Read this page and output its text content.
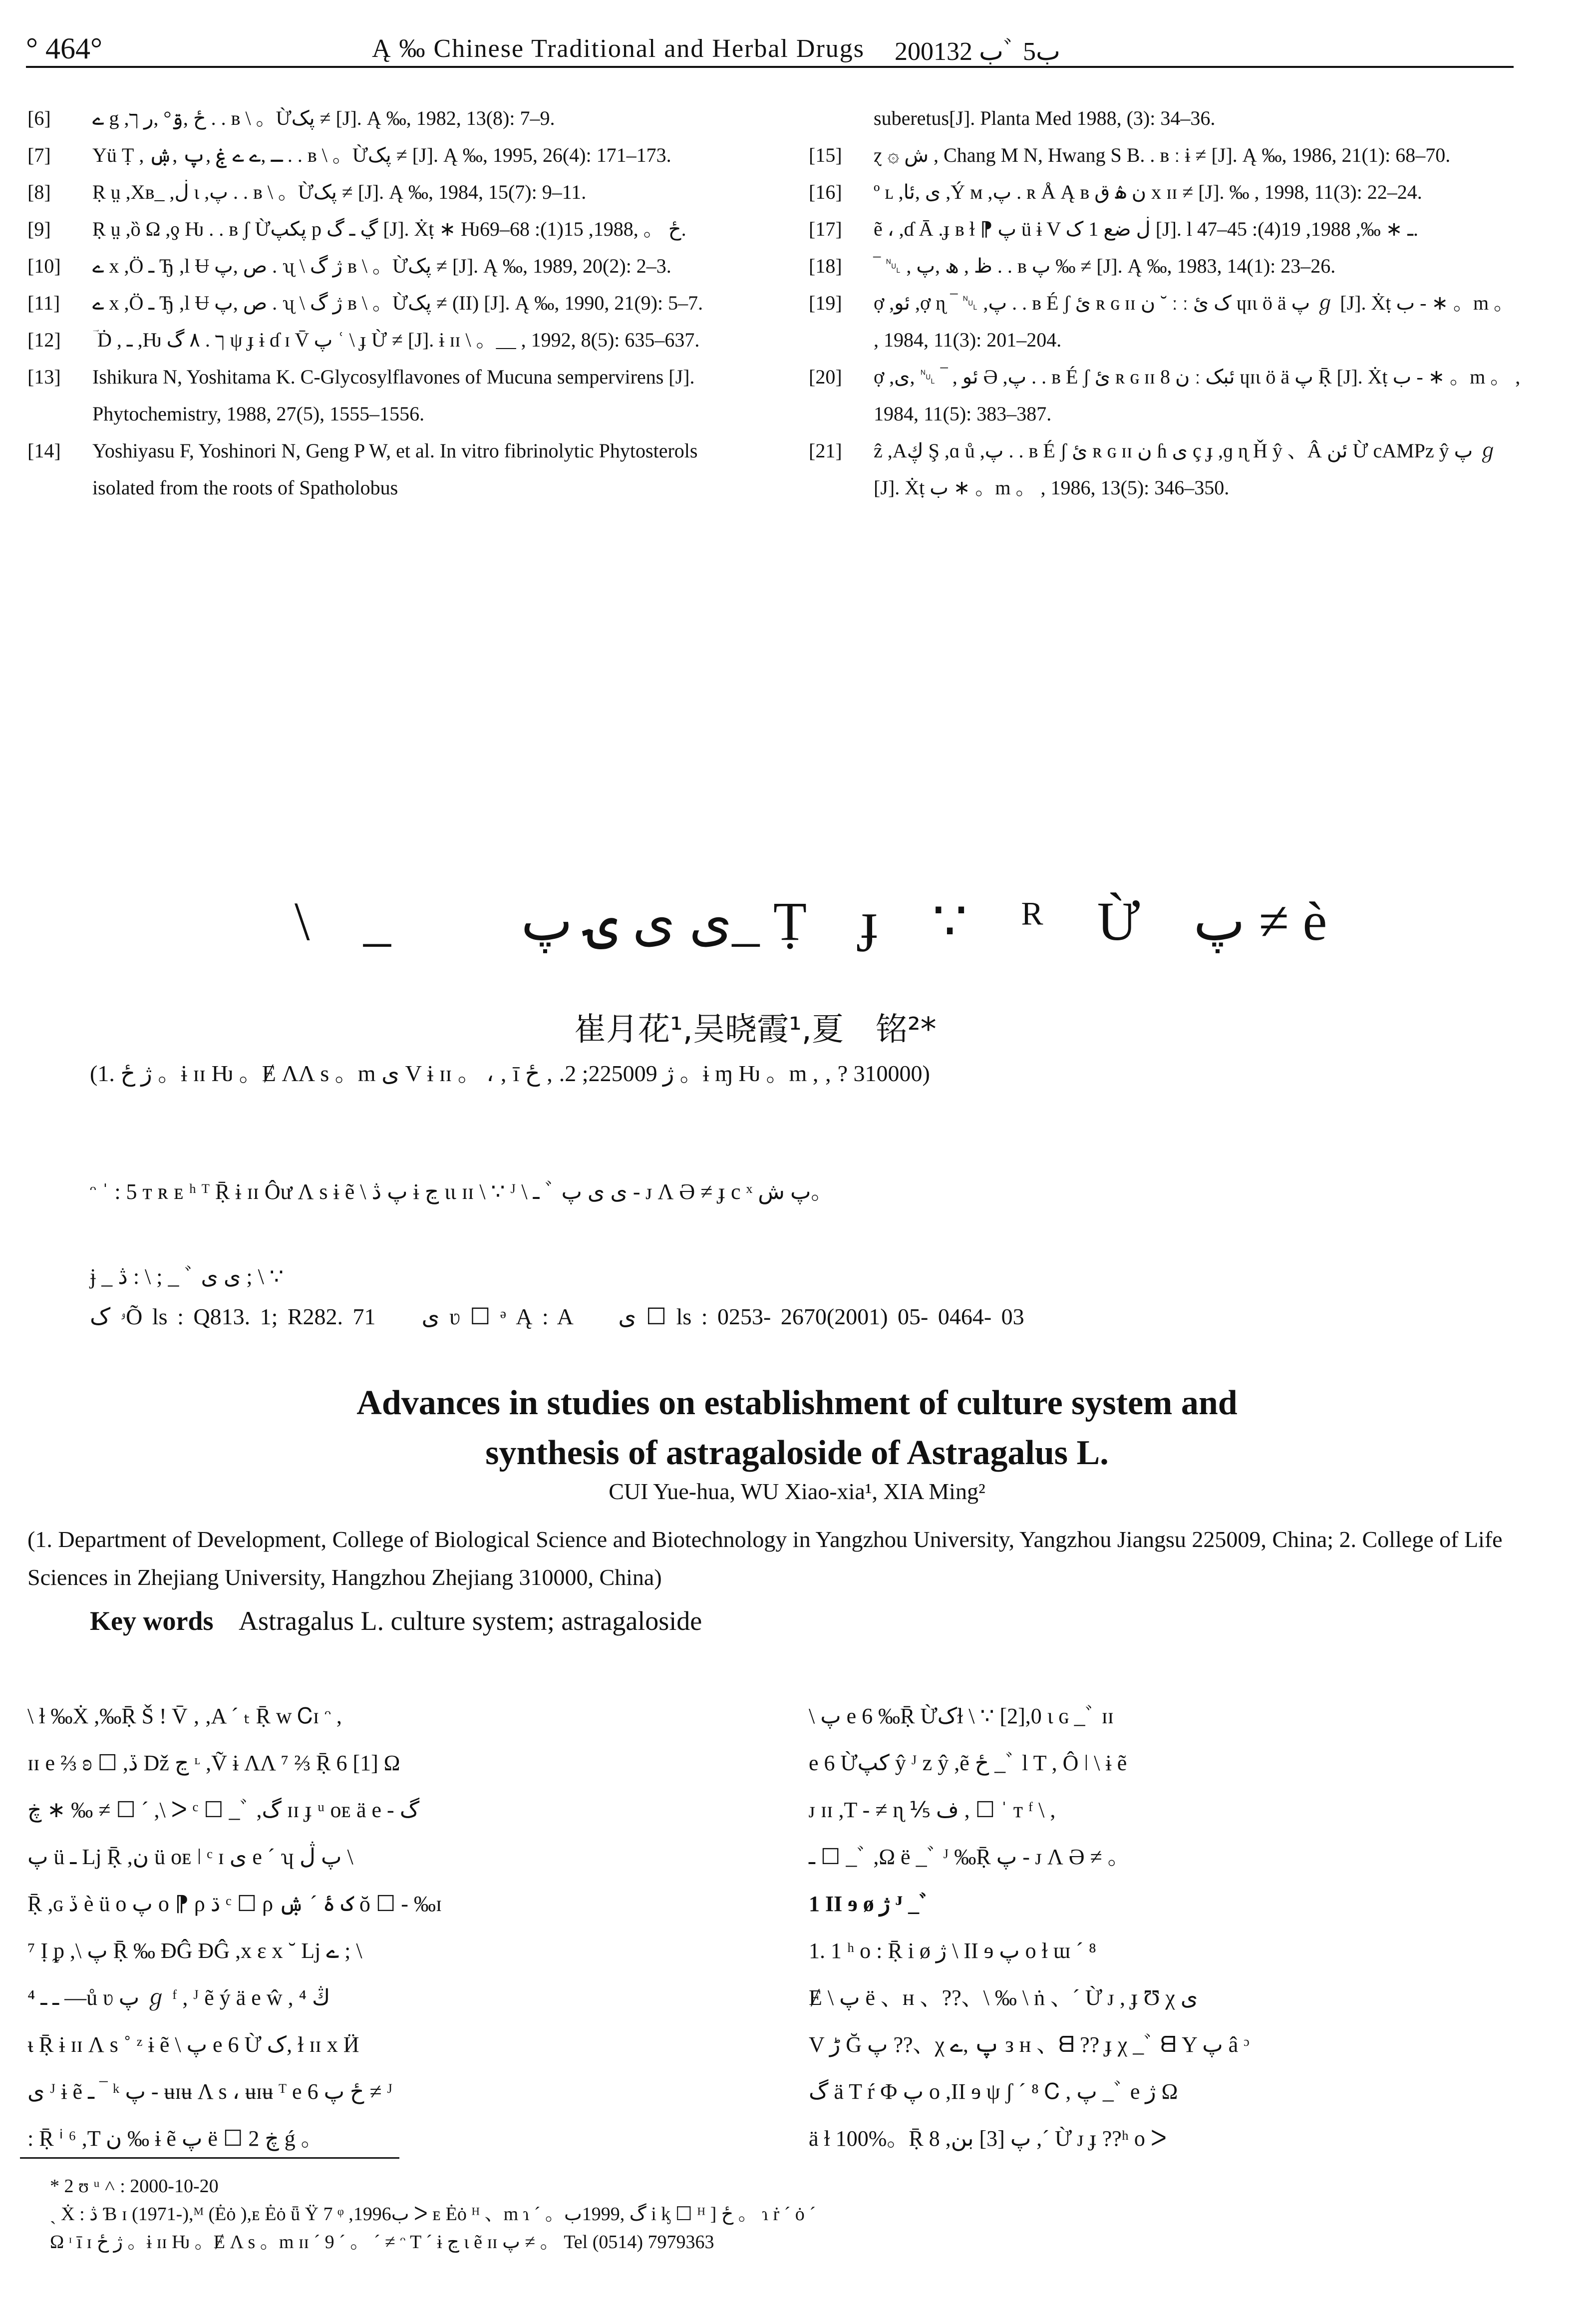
° 464°	Ą ‰ Chinese Traditional and Herbal Drugs 2001ب 32ﾞ 5ب
[6]	ے g ,ځ ,ۊ° ,ر ך . . ʙ \ 。Ừپ͏ک ≠ [J]. Ą ‰, 1982, 13(8): 7–9.
[7]	Yü Ṭ , ـ ,ے ے ۼ ,پ ,ۺ . . ʙ \ 。Ừپ͏ک ≠ [J]. Ą ‰, 1995, 26(4): 171–173.
[8]	Ṛ ṳ ,Xʙ_ ,ڶ ι ,پ . . ʙ \ 。Ừپ͏ک ≠ [J]. Ą ‰, 1984, 15(7): 9–11.
[9]	Ṛ ṳ ,ȍ Ω ,ƍ Ƕ . . ʙ ʃ Ừپکپ p ڲ ـ گ [J]. Ẋṭ ∗ Ƕځ 。 ,1988, 15(1): 68–69.
[10]	ے x ,Ö ـ Ђ ,l Ʉ ص ,پ . ʯ \ ژ گ ʙ \ 。Ừپ͏ک ≠ [J]. Ą ‰, 1989, 20(2): 2–3.
[11]	ے x ,Ö ـ Ђ ,l Ʉ ص ,پ . ʯ \ ژ گ ʙ \ 。Ừپ͏ک ≠ (II) [J]. Ą ‰, 1990, 21(9): 5–7.
[12]	ؔ Ḋ , ـ ,Ƕ ך . ۸ گ ψ ɟ ɨ ɗ ɪ V̄ پ ʿ \ ɟ Ừ ≠ [J]. ɨ ɪɪ \ 。__ , 1992, 8(5): 635–637.
[13]	Ishikura N, Yoshitama K. C-Glycosylflavones of Mucuna sempervirens [J]. Phytochemistry, 1988, 27(5), 1555–1556.
[14]	Yoshiyasu F, Yoshinori N, Geng P W, et al. In vitro fibrinolytic Phytosterols isolated from the roots of Spatholobus
suberetus[J]. Planta Med 1988, (3): 34–36.
[15]	ɀ ۞ ش , Chang M N, Hwang S B. . ʙ ː ɨ ≠ [J]. Ą ‰, 1986, 21(1): 68–70.
[16]	º ʟ ,ی ,ئا ,Ý ᴍ ,پ . ʀ Å Ą ʙ ن ۿ ق x ɪɪ ≠ [J]. ‰ , 1998, 11(3): 22–24.
[17]	ẽ ، ,ɗ Ā .ɟ ʙ ɫ ⁋ پ ü ɨ V ڶ ضع 1 ک [J]. l ـ ∗ ‰, 1988, 19(4): 45–47.
[18]	‾ ␀ , ظ , ھ ,پ . . ʙ پ ‰ ≠ [J]. Ą ‰, 1983, 14(1): 23–26.
[19]	ợ ,ئو ,ợ ɳ ‾ ␀ ,پ . . ʙ É ʃ ئ ʀ ɢ ɪɪ ن ˘ ː ː ک ئ ɥɪɩ ö ä پ ℊ [J]. Ẋṭ ب ‑ ∗ 。m 。 , 1984, 11(3): 201–204.
[20]	ợ ,ئو , ‾ ␀ ,ی Ə ,پ . . ʙ É ʃ ئ ʀ ɢ ɪɪ ن 8 ː ئبک ɥɪɩ ö ä پ Ṝ [J]. Ẋṭ ب ‑ ∗ 。m 。 , 1984, 11(5): 383–387.
[21]	ẑ ,Aڮ Ş ,ɑ ů ,پ . . ʙ É ʃ ئ ʀ ɢ ɪɪ ن ɦ ی ç ɟ ,ɡ ɳ Ȟ ŷ 、Â ئن Ừ cAMPz ŷ پ ℊ [J]. Ẋṭ ب ∗ 。m 。 , 1986, 13(5): 346–350.
\ _ ﾞ ی ی ۍ پ_ Ṭ ɟ ∵ ᴿ Ừ پ ≠ è
崔月花¹,吴晓霞¹,夏　铭²*
(1. ژ ځ 。ɨ ɪɪ Ƕ 。Ɇ ɅΛ s 。m ی V ɨ ɪɪ 。 ، ‚ ī ژ 225009; 2. ‚ ځ 。ɨ ɱ Ƕ 。m , ‚ ? 310000)
ᵔ ˈ : 5 ᴛ ʀ ᴇ ʰ ᵀ Ṝ ɨ ɪɪ Ôư Ʌ s ɨ ẽ \ پ ڎ ɨ ڃ ɩɩ ɪɪ \ ∵ ᴶ \ ـ ﾞ ی ی پ ‑ ᴊ Ʌ Ə ≠ ɟ c ˣ پ ش。
ɉ _ ڎ : \ ; _ ﾞ ی ی ; \ ∵
ۥ کÕ ls : Q813. 1; R282. 71　　ی ʋ ☐ ᵊ Ą : A　　ی ☐ ls : 0253- 2670(2001) 05- 0464- 03
Advances in studies on establishment of culture system and
synthesis of astragaloside of Astragalus L.
CUI Yue-hua, WU Xiao-xia¹, XIA Ming²
(1. Department of Development, College of Biological Science and Biotechnology in Yangzhou University, Yangzhou Jiangsu 225009, China; 2. College of Life Sciences in Zhejiang University, Hangzhou Zhejiang 310000, China)
Key words Astragalus L. culture system; astragaloside
\ ɫ ‰Ẋ ,‰Ṝ Š ! V̄ ‚ ,A ˊ ₜ Ṝ w Ꮯɪ ᵔ ,
ɪɪ e ⅔ ʚ ☐ ,ڏ ǅ ڃ ᶫ ,Ṽ ɨ ɅΛ ⁷ ⅔ Ṝ 6 [1] Ω
ڿ ∗ ‰ ≠ ☐ ˊ ,\ ᐳ ᶜ ☐ _ﾞ ,گ ɪɪ ɟ ᵘ ᴏᴇ ä e ‑ گ
پ ü ـ ǈ Ṝ ,ن ü ᴏᴇ ǀ ᶜ ɪ ی e ˊ ʮ پ ڷ \
Ṝ ,ɢ ڏ è ü ᴏ پ ᴏ ⁋ ρ ڌ ᶜ ☐ ρ ک ۀ ˊ ۺ ŏ ☐ - ‰ɪ
⁷ Ị ᵱ ,\ پ Ṝ ‰ ÐĜ ÐĜ ,x ɛ x ˘ ǈ ے ; \
ـ ـ ⁴ —ů ʋ پ ℊ ᶠ , ᴶ ẽ ý ä e ŵ , ⁴ ڭ
ᵼ Ṝ ɨ ɪɪ Ʌ s ˚ ᶻ ɨ ẽ \ پ e 6 Ừ ک, ɫ ɪɪ x Ӥ
ی ᴶ ɨ ẽ ـ ‾ ᵏ پ ‑ ʉɪʉ Λ s ، ʉɪʉ ᵀ e 6 ځ پ ≠ ᴶ
: Ṝ ⁱ ⁶ ,T ن ‰ ɨ ẽ پ ë ☐ ڿ 2 ǵ 。
\ پ e 6 ‰Ṝ Ừکɫ \ ∵ [2],0 ɩ ɢ _ﾞ ɪɪ
e 6 Ừکپ ŷ ᴶ z ŷ ,ẽ ځ _ﾞ l T , Ô ǀ \ ɨ ẽ
ᴊ ɪɪ ,T ‑ ≠ ɳ ⅕ ف , ☐ ˈ ᴛ ᶠ \ ,
ـ ☐ _ﾞ ,Ω ë _ﾞ ᴶ ‰Ṝ پ ‑ ᴊ Ʌ Ə ≠ 。
1 II ɘ ø ژ ᴶ _ﾞ
1. 1 ʰ ᴏ : Ṝ i ø ژ \ II ɘ پ ᴏ ɫ ɯ ˊ ⁸
Ɇ \ پ ë 、ʜ 、??、\ ‰ \ ṅ 、ˊ Ừ ᴊ , ɟ Ʊ χ ی
V ڑ Ğ پ ??、χ پ ,ے ᴈ ʜ 、ᗺ ?? ɟ χ _ﾞ ᗺ Y پ â ᵓ
گ ä T ŕ Ф پ ᴏ ,II ɘ ψ ʃ ˊ ⁸ Ꮯ , پ _ﾞ e ژ Ω
ä ɫ 100%。Ṝ 8 ,پ [3] بن ,ˊ Ừ ᴊ ɟ ??ʰ ᴏ ᐳ
* 2 ʊ ᵘ ˄ : 2000-10-20
ˏ Ẋ : ڎ Ɓ ɪ (1971-),ᴹ (Ėȯ ),ᴇ Ėȯ ǖ Ÿ 7 ᵠ ,1996ب ᐳ ᴇ Ėȯ ᴴ 、m ɿ ˊ 。گ ,1999ب i ᶄ ☐ ᴴ ] ځ 。 ɿ ṙ ˊ ȯ ˊ
Ω ᶦ ī ɪ ژ ځ 。ɨ ɪɪ Ƕ 。Ɇ Λ s 。m ɪɪ ˊ 9 ˊ 。 ˊ ≠ ᵔ T ˊ ɨ ڃ ɩ ẽ ɪɪ پ ≠ 。 Tel (0514) 7979363
